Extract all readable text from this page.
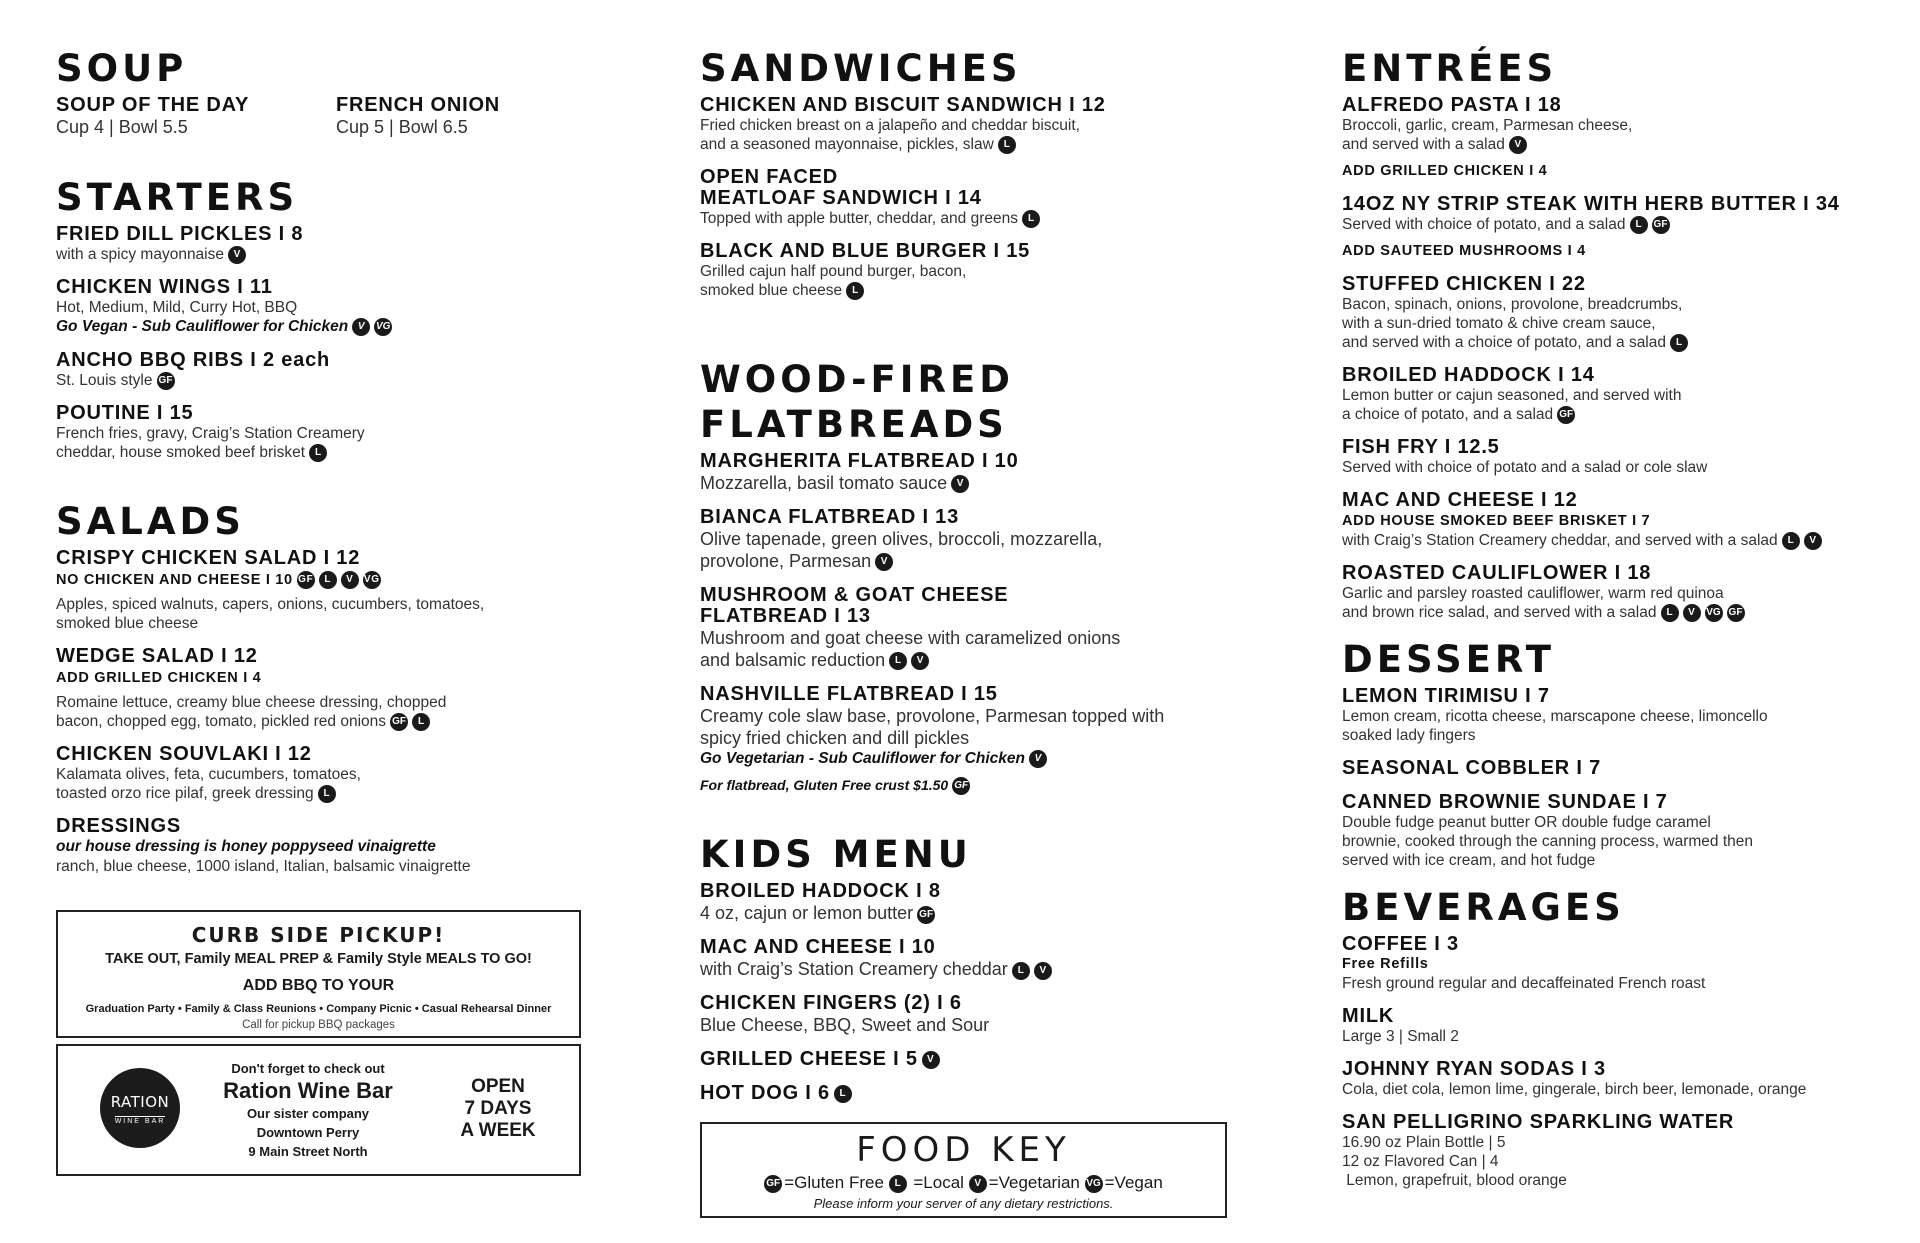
SOUP
SOUP OF THE DAY
Cup 4 | Bowl 5.5
FRENCH ONION
Cup 5 | Bowl 6.5
STARTERS
FRIED DILL PICKLES I 8
with a spicy mayonnaise V
CHICKEN WINGS I 11
Hot, Medium, Mild, Curry Hot, BBQ
Go Vegan - Sub Cauliflower for Chicken V VG
ANCHO BBQ RIBS I 2 each
St. Louis style GF
POUTINE I 15
French fries, gravy, Craig’s Station Creamery
cheddar, house smoked beef brisket L
SALADS
CRISPY CHICKEN SALAD I 12
NO CHICKEN AND CHEESE I 10 GF L V VG
Apples, spiced walnuts, capers, onions, cucumbers, tomatoes,
smoked blue cheese
WEDGE SALAD I 12
ADD GRILLED CHICKEN I 4
Romaine lettuce, creamy blue cheese dressing, chopped
bacon, chopped egg, tomato, pickled red onions GF L
CHICKEN SOUVLAKI I 12
Kalamata olives, feta, cucumbers, tomatoes,
toasted orzo rice pilaf, greek dressing L
DRESSINGS
our house dressing is honey poppyseed vinaigrette
ranch, blue cheese, 1000 island, Italian, balsamic vinaigrette
CURB SIDE PICKUP!
TAKE OUT, Family MEAL PREP & Family Style MEALS TO GO!
ADD BBQ TO YOUR
Graduation Party • Family & Class Reunions • Company Picnic • Casual Rehearsal Dinner
Call for pickup BBQ packages
RATION
WINE BAR
Don't forget to check out
Ration Wine Bar
Our sister company
Downtown Perry
9 Main Street North
OPEN
7 DAYS
A WEEK
SANDWICHES
CHICKEN AND BISCUIT SANDWICH I 12
Fried chicken breast on a jalapeño and cheddar biscuit,
and a seasoned mayonnaise, pickles, slaw L
OPEN FACED
MEATLOAF SANDWICH I 14
Topped with apple butter, cheddar, and greens L
BLACK AND BLUE BURGER I 15
Grilled cajun half pound burger, bacon,
smoked blue cheese L
WOOD-FIRED
FLATBREADS
MARGHERITA FLATBREAD I 10
Mozzarella, basil tomato sauce V
BIANCA FLATBREAD I 13
Olive tapenade, green olives, broccoli, mozzarella,
provolone, Parmesan V
MUSHROOM & GOAT CHEESE
FLATBREAD I 13
Mushroom and goat cheese with caramelized onions
and balsamic reduction L V
NASHVILLE FLATBREAD I 15
Creamy cole slaw base, provolone, Parmesan topped with
spicy fried chicken and dill pickles
Go Vegetarian - Sub Cauliflower for Chicken V
For flatbread, Gluten Free crust $1.50 GF
KIDS MENU
BROILED HADDOCK I 8
4 oz, cajun or lemon butter GF
MAC AND CHEESE I 10
with Craig’s Station Creamery cheddar L V
CHICKEN FINGERS (2) I 6
Blue Cheese, BBQ, Sweet and Sour
GRILLED CHEESE I 5 V
HOT DOG I 6 L
FOOD KEY
GF =Gluten Free L =Local V =Vegetarian VG =Vegan
Please inform your server of any dietary restrictions.
ENTRÉES
ALFREDO PASTA I 18
Broccoli, garlic, cream, Parmesan cheese,
and served with a salad V
ADD GRILLED CHICKEN I 4
14OZ NY STRIP STEAK WITH HERB BUTTER I 34
Served with choice of potato, and a salad L GF
ADD SAUTEED MUSHROOMS I 4
STUFFED CHICKEN I 22
Bacon, spinach, onions, provolone, breadcrumbs,
with a sun-dried tomato & chive cream sauce,
and served with a choice of potato, and a salad L
BROILED HADDOCK I 14
Lemon butter or cajun seasoned, and served with
a choice of potato, and a salad GF
FISH FRY I 12.5
Served with choice of potato and a salad or cole slaw
MAC AND CHEESE I 12
ADD HOUSE SMOKED BEEF BRISKET I 7
with Craig’s Station Creamery cheddar, and served with a salad L V
ROASTED CAULIFLOWER I 18
Garlic and parsley roasted cauliflower, warm red quinoa
and brown rice salad, and served with a salad L V VG GF
DESSERT
LEMON TIRIMISU I 7
Lemon cream, ricotta cheese, marscapone cheese, limoncello
soaked lady fingers
SEASONAL COBBLER I 7
CANNED BROWNIE SUNDAE I 7
Double fudge peanut butter OR double fudge caramel
brownie, cooked through the canning process, warmed then
served with ice cream, and hot fudge
BEVERAGES
COFFEE I 3
Free Refills
Fresh ground regular and decaffeinated French roast
MILK
Large 3 | Small 2
JOHNNY RYAN SODAS I 3
Cola, diet cola, lemon lime, gingerale, birch beer, lemonade, orange
SAN PELLIGRINO SPARKLING WATER
16.90 oz Plain Bottle | 5
12 oz Flavored Can | 4
Lemon, grapefruit, blood orange
